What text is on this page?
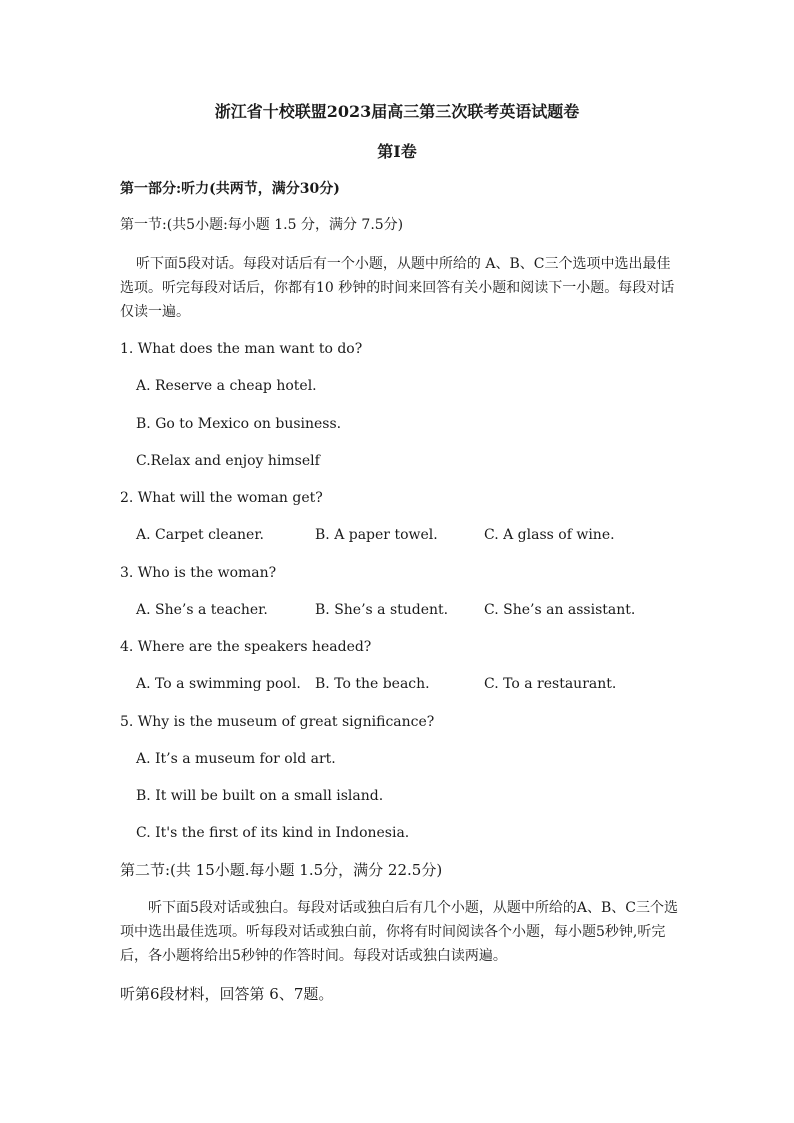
浙江省十校联盟2023届高三第三次联考英语试题卷
第I卷
第一部分:听力(共两节，满分30分)
第一节:(共5小题:每小题 1.5 分，满分 7.5分)
听下面5段对话。每段对话后有一个小题，从题中所给的 A、B、C三个选项中选出最佳选项。听完每段对话后，你都有10 秒钟的时间来回答有关小题和阅读下一小题。每段对话仅读一遍。
1. What does the man want to do?
A. Reserve a cheap hotel.
B. Go to Mexico on business.
C.Relax and enjoy himself
2. What will the woman get?
A. Carpet cleaner.	B. A paper towel.	C. A glass of wine.
3. Who is the woman?
A. She’s a teacher.	B. She’s a student.	C. She’s an assistant.
4. Where are the speakers headed?
A. To a swimming pool. B. To the beach.	C. To a restaurant.
5. Why is the museum of great significance?
A. It’s a museum for old art.
B. It will be built on a small island.
C. It's the first of its kind in Indonesia.
第二节:(共 15小题.每小题 1.5分，满分 22.5分)
听下面5段对话或独白。每段对话或独白后有几个小题，从题中所给的A、B、C三个选项中选出最佳选项。听每段对话或独白前，你将有时间阅读各个小题，每小题5秒钟,听完后，各小题将给出5秒钟的作答时间。每段对话或独白读两遍。
听第6段材料，回答第 6、7题。
